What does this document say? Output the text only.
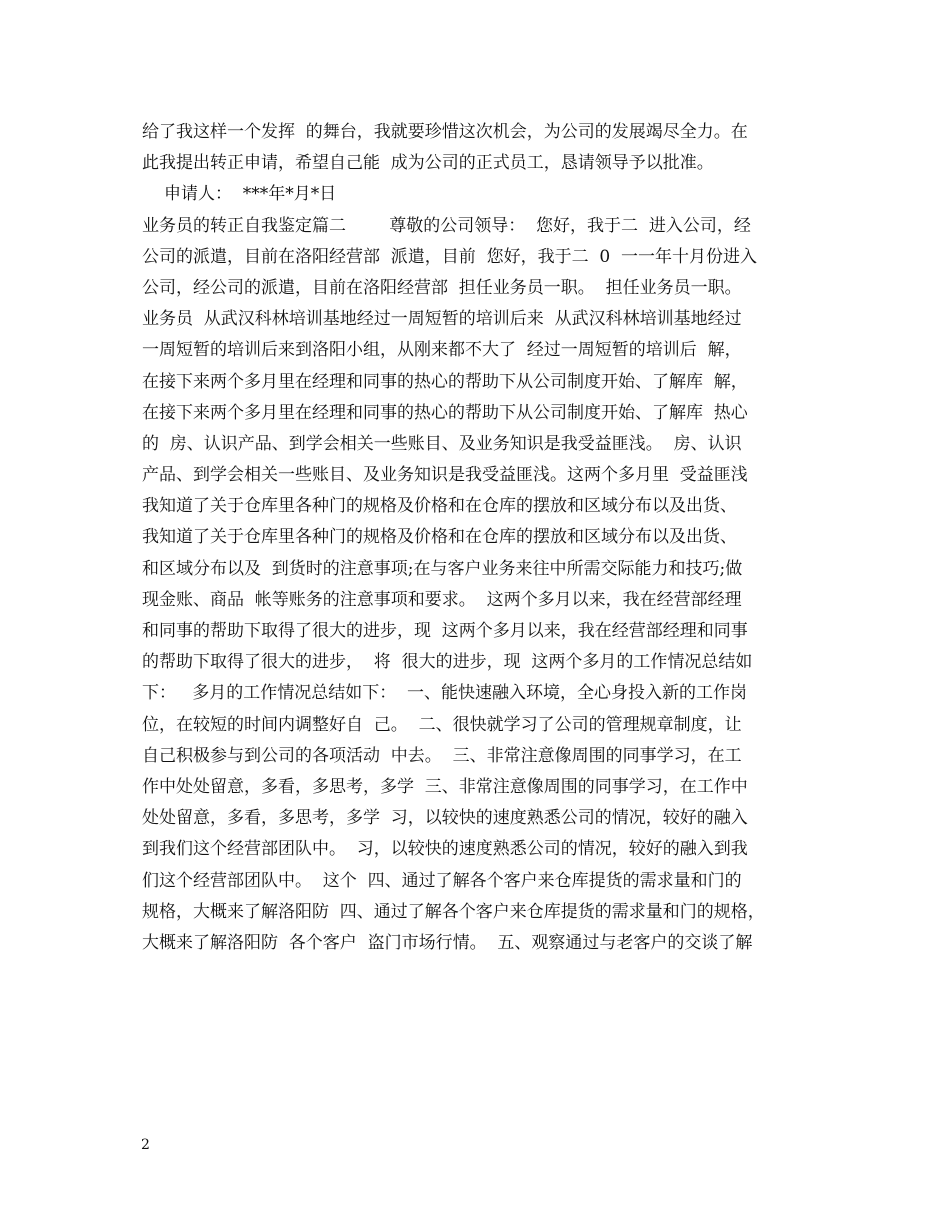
给了我这样一个发挥  的舞台，我就要珍惜这次机会，为公司的发展竭尽全力。在
此我提出转正申请，希望自己能  成为公司的正式员工，恳请领导予以批准。
申请人：  ***年*月*日
业务员的转正自我鉴定篇二        尊敬的公司领导：  您好，我于二  进入公司，经
公司的派遣，目前在洛阳经营部  派遣，目前  您好，我于二  0  一一年十月份进入
公司，经公司的派遣，目前在洛阳经营部  担任业务员一职。  担任业务员一职。
业务员  从武汉科林培训基地经过一周短暂的培训后来  从武汉科林培训基地经过
一周短暂的培训后来到洛阳小组，从刚来都不大了  经过一周短暂的培训后  解，
在接下来两个多月里在经理和同事的热心的帮助下从公司制度开始、了解库  解，
在接下来两个多月里在经理和同事的热心的帮助下从公司制度开始、了解库  热心
的  房、认识产品、到学会相关一些账目、及业务知识是我受益匪浅。  房、认识
产品、到学会相关一些账目、及业务知识是我受益匪浅。这两个多月里  受益匪浅
我知道了关于仓库里各种门的规格及价格和在仓库的摆放和区域分布以及出货、
我知道了关于仓库里各种门的规格及价格和在仓库的摆放和区域分布以及出货、
和区域分布以及  到货时的注意事项;在与客户业务来往中所需交际能力和技巧;做
现金账、商品  帐等账务的注意事项和要求。  这两个多月以来，我在经营部经理
和同事的帮助下取得了很大的进步，现  这两个多月以来，我在经营部经理和同事
的帮助下取得了很大的进步，  将  很大的进步，现  这两个多月的工作情况总结如
下：   多月的工作情况总结如下：  一、能快速融入环境，全心身投入新的工作岗
位，在较短的时间内调整好自  己。  二、很快就学习了公司的管理规章制度，让
自己积极参与到公司的各项活动  中去。  三、非常注意像周围的同事学习，在工
作中处处留意，多看，多思考，多学  三、非常注意像周围的同事学习，在工作中
处处留意，多看，多思考，多学  习，以较快的速度熟悉公司的情况，较好的融入
到我们这个经营部团队中。  习，以较快的速度熟悉公司的情况，较好的融入到我
们这个经营部团队中。  这个  四、通过了解各个客户来仓库提货的需求量和门的
规格，大概来了解洛阳防  四、通过了解各个客户来仓库提货的需求量和门的规格，
大概来了解洛阳防  各个客户  盗门市场行情。  五、观察通过与老客户的交谈了解
2
